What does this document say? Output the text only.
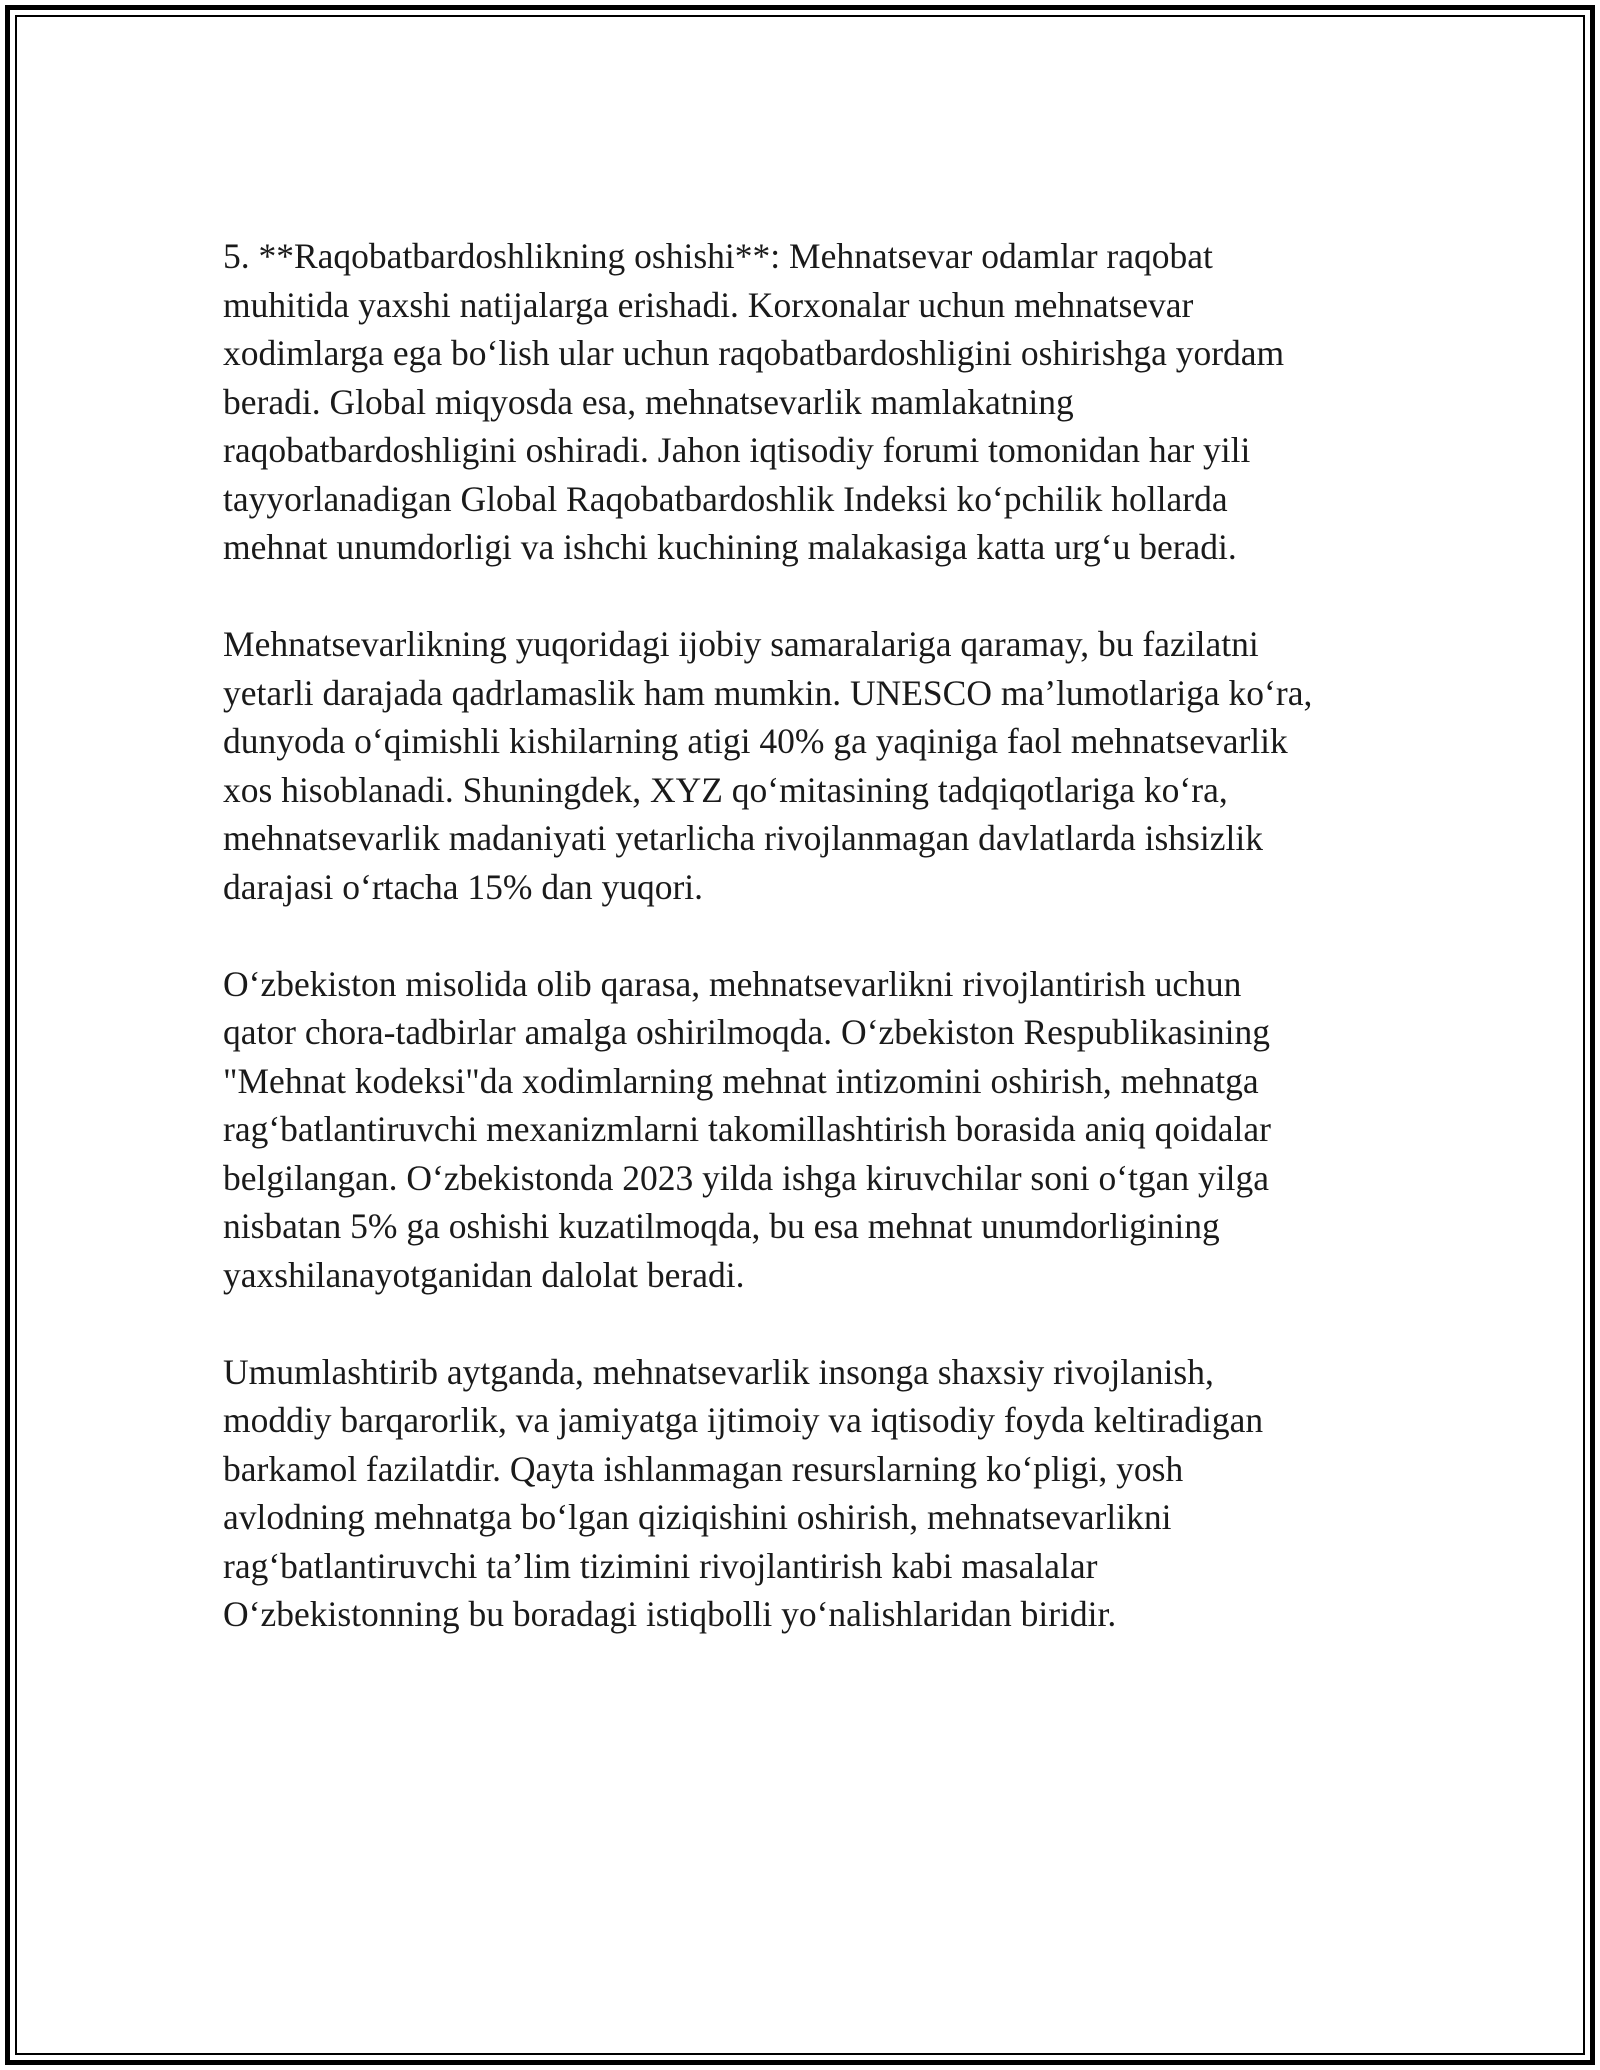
5. **Raqobatbardoshlikning oshishi**: Mehnatsevar odamlar raqobat
muhitida yaxshi natijalarga erishadi. Korxonalar uchun mehnatsevar
xodimlarga ega boʻlish ular uchun raqobatbardoshligini oshirishga yordam
beradi. Global miqyosda esa, mehnatsevarlik mamlakatning
raqobatbardoshligini oshiradi. Jahon iqtisodiy forumi tomonidan har yili
tayyorlanadigan Global Raqobatbardoshlik Indeksi koʻpchilik hollarda
mehnat unumdorligi va ishchi kuchining malakasiga katta urgʻu beradi.

Mehnatsevarlikning yuqoridagi ijobiy samaralariga qaramay, bu fazilatni
yetarli darajada qadrlamaslik ham mumkin. UNESCO maʼlumotlariga koʻra,
dunyoda oʻqimishli kishilarning atigi 40% ga yaqiniga faol mehnatsevarlik
xos hisoblanadi. Shuningdek, XYZ qoʻmitasining tadqiqotlariga koʻra,
mehnatsevarlik madaniyati yetarlicha rivojlanmagan davlatlarda ishsizlik
darajasi oʻrtacha 15% dan yuqori.

Oʻzbekiston misolida olib qarasa, mehnatsevarlikni rivojlantirish uchun
qator chora-tadbirlar amalga oshirilmoqda. Oʻzbekiston Respublikasining
"Mehnat kodeksi"da xodimlarning mehnat intizomini oshirish, mehnatga
ragʻbatlantiruvchi mexanizmlarni takomillashtirish borasida aniq qoidalar
belgilangan. Oʻzbekistonda 2023 yilda ishga kiruvchilar soni oʻtgan yilga
nisbatan 5% ga oshishi kuzatilmoqda, bu esa mehnat unumdorligining
yaxshilanayotganidan dalolat beradi.

Umumlashtirib aytganda, mehnatsevarlik insonga shaxsiy rivojlanish,
moddiy barqarorlik, va jamiyatga ijtimoiy va iqtisodiy foyda keltiradigan
barkamol fazilatdir. Qayta ishlanmagan resurslarning koʻpligi, yosh
avlodning mehnatga boʻlgan qiziqishini oshirish, mehnatsevarlikni
ragʻbatlantiruvchi taʼlim tizimini rivojlantirish kabi masalalar
Oʻzbekistonning bu boradagi istiqbolli yoʻnalishlaridan biridir.
